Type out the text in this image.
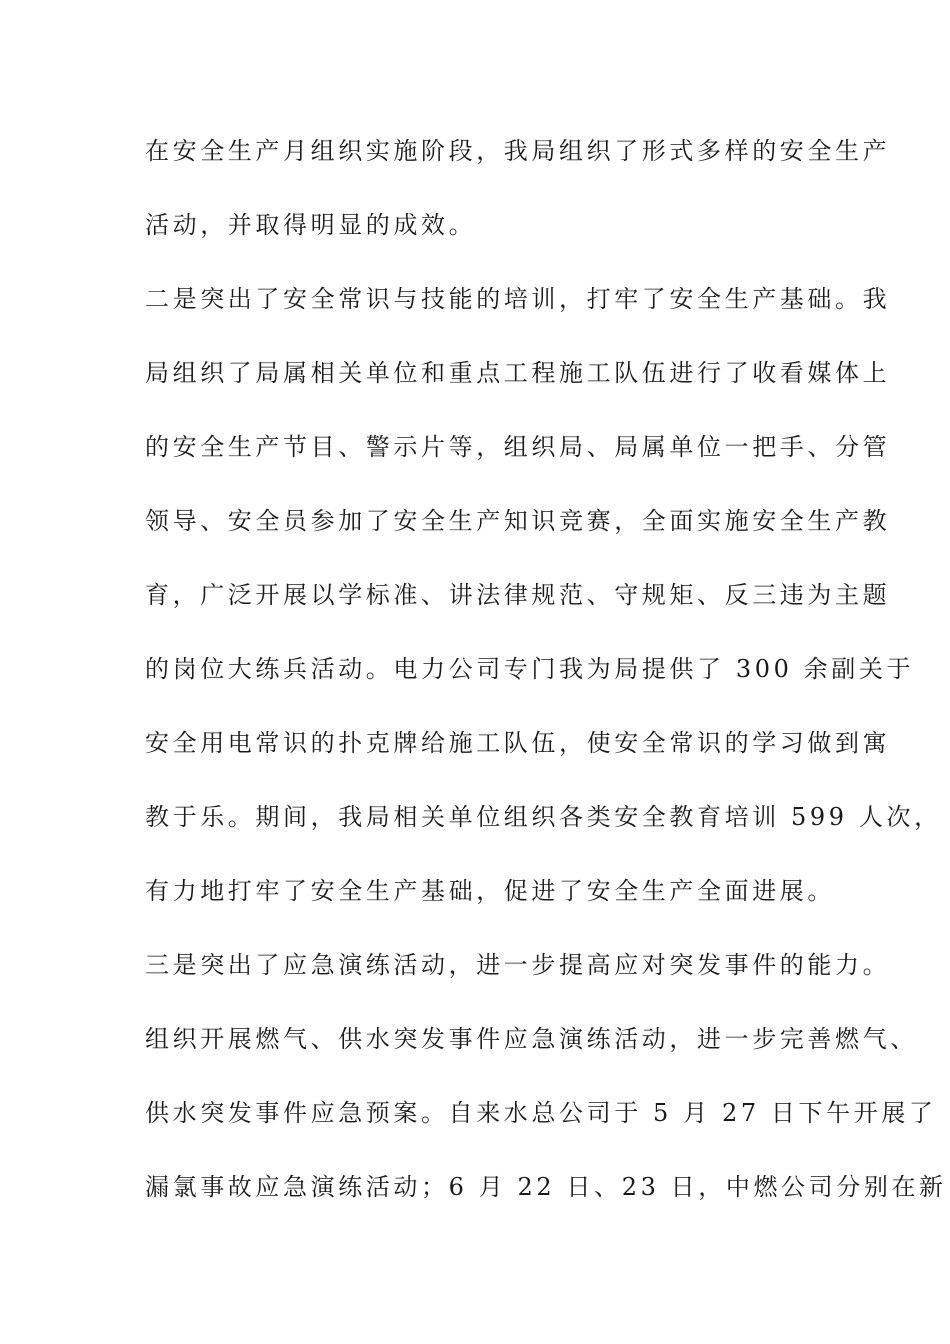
在安全生产月组织实施阶段，我局组织了形式多样的安全生产
活动，并取得明显的成效。
二是突出了安全常识与技能的培训，打牢了安全生产基础。我
局组织了局属相关单位和重点工程施工队伍进行了收看媒体上
的安全生产节目、警示片等，组织局、局属单位一把手、分管
领导、安全员参加了安全生产知识竞赛，全面实施安全生产教
育，广泛开展以学标准、讲法律规范、守规矩、反三违为主题
的岗位大练兵活动。电力公司专门我为局提供了 300 余副关于
安全用电常识的扑克牌给施工队伍，使安全常识的学习做到寓
教于乐。期间，我局相关单位组织各类安全教育培训 599 人次，
有力地打牢了安全生产基础，促进了安全生产全面进展。
三是突出了应急演练活动，进一步提高应对突发事件的能力。
组织开展燃气、供水突发事件应急演练活动，进一步完善燃气、
供水突发事件应急预案。自来水总公司于 5 月 27 日下午开展了
漏氯事故应急演练活动；6 月 22 日、23 日，中燃公司分别在新
